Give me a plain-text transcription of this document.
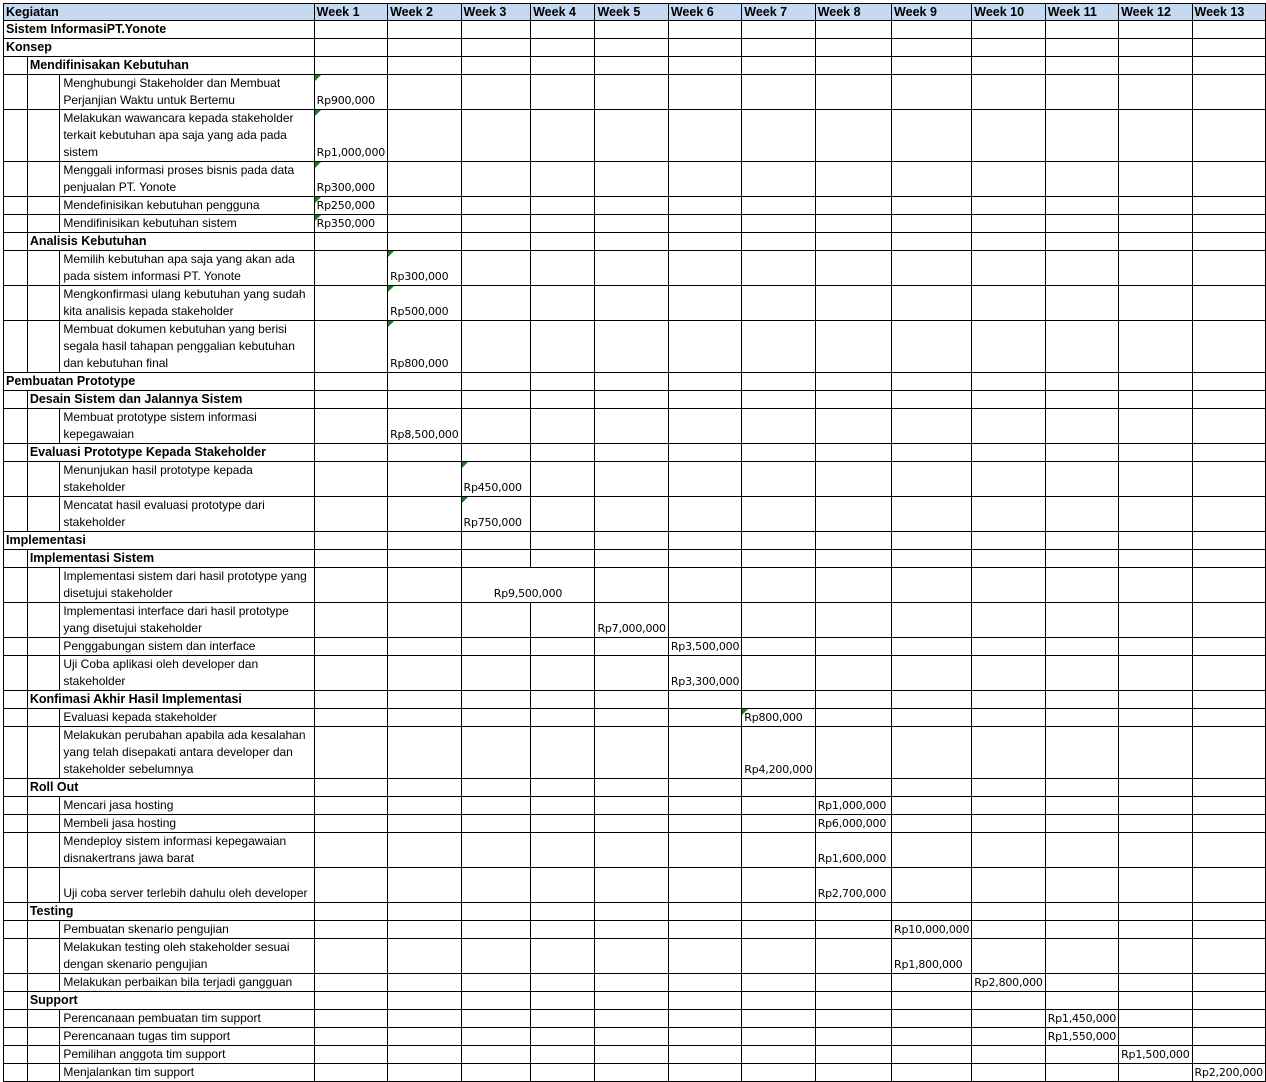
Kegiatan			Week 1	Week 2	Week 3	Week 4	Week 5	Week 6	Week 7	Week 8	Week 9	Week 10	Week 11	Week 12	Week 13
Sistem InformasiPT.Yonote															
Konsep															
	Mendifinisakan Kebutuhan														
		Menghubungi Stakeholder dan Membuat Perjanjian Waktu untuk Bertemu	Rp900,000

		Melakukan wawancara kepada stakeholder terkait kebutuhan apa saja yang ada pada sistem	Rp1,000,000

		Menggali informasi proses bisnis pada data penjualan PT. Yonote	Rp300,000

		Mendefinisikan kebutuhan pengguna	Rp250,000

		Mendifinisikan kebutuhan sistem	Rp350,000

	Analisis Kebutuhan														
		Memilih kebutuhan apa saja yang akan ada pada sistem informasi PT. Yonote		Rp300,000

		Mengkonfirmasi ulang kebutuhan yang sudah kita analisis kepada stakeholder		Rp500,000

		Membuat dokumen kebutuhan yang berisi segala hasil tahapan penggalian kebutuhan dan kebutuhan final		Rp800,000

Pembuatan Prototype															
	Desain Sistem dan Jalannya Sistem														
		Membuat prototype sistem informasi kepegawaian		Rp8,500,000											
	Evaluasi Prototype Kepada Stakeholder														
		Menunjukan hasil prototype kepada stakeholder			Rp450,000

		Mencatat hasil evaluasi prototype dari stakeholder			Rp750,000

Implementasi															
	Implementasi Sistem														
		Implementasi sistem dari hasil prototype yang disetujui stakeholder			Rp9,500,000										
		Implementasi interface dari hasil prototype yang disetujui stakeholder					Rp7,000,000								
		Penggabungan sistem dan interface						Rp3,500,000							
		Uji Coba aplikasi oleh developer dan stakeholder						Rp3,300,000							
	Konfimasi Akhir Hasil Implementasi														
		Evaluasi kepada stakeholder							Rp800,000

		Melakukan perubahan apabila ada kesalahan yang telah disepakati antara developer dan stakeholder sebelumnya							Rp4,200,000						
	Roll Out														
		Mencari jasa hosting								Rp1,000,000					
		Membeli jasa hosting								Rp6,000,000					
		Mendeploy sistem informasi kepegawaian disnakertrans jawa barat								Rp1,600,000					
		Uji coba server terlebih dahulu oleh developer								Rp2,700,000					
	Testing														
		Pembuatan skenario pengujian									Rp10,000,000				
		Melakukan testing oleh stakeholder sesuai dengan skenario pengujian									Rp1,800,000				
		Melakukan perbaikan bila terjadi gangguan										Rp2,800,000			
	Support														
		Perencanaan pembuatan tim support											Rp1,450,000		
		Perencanaan tugas tim support											Rp1,550,000		
		Pemilihan anggota tim support												Rp1,500,000	
		Menjalankan tim support													Rp2,200,000
